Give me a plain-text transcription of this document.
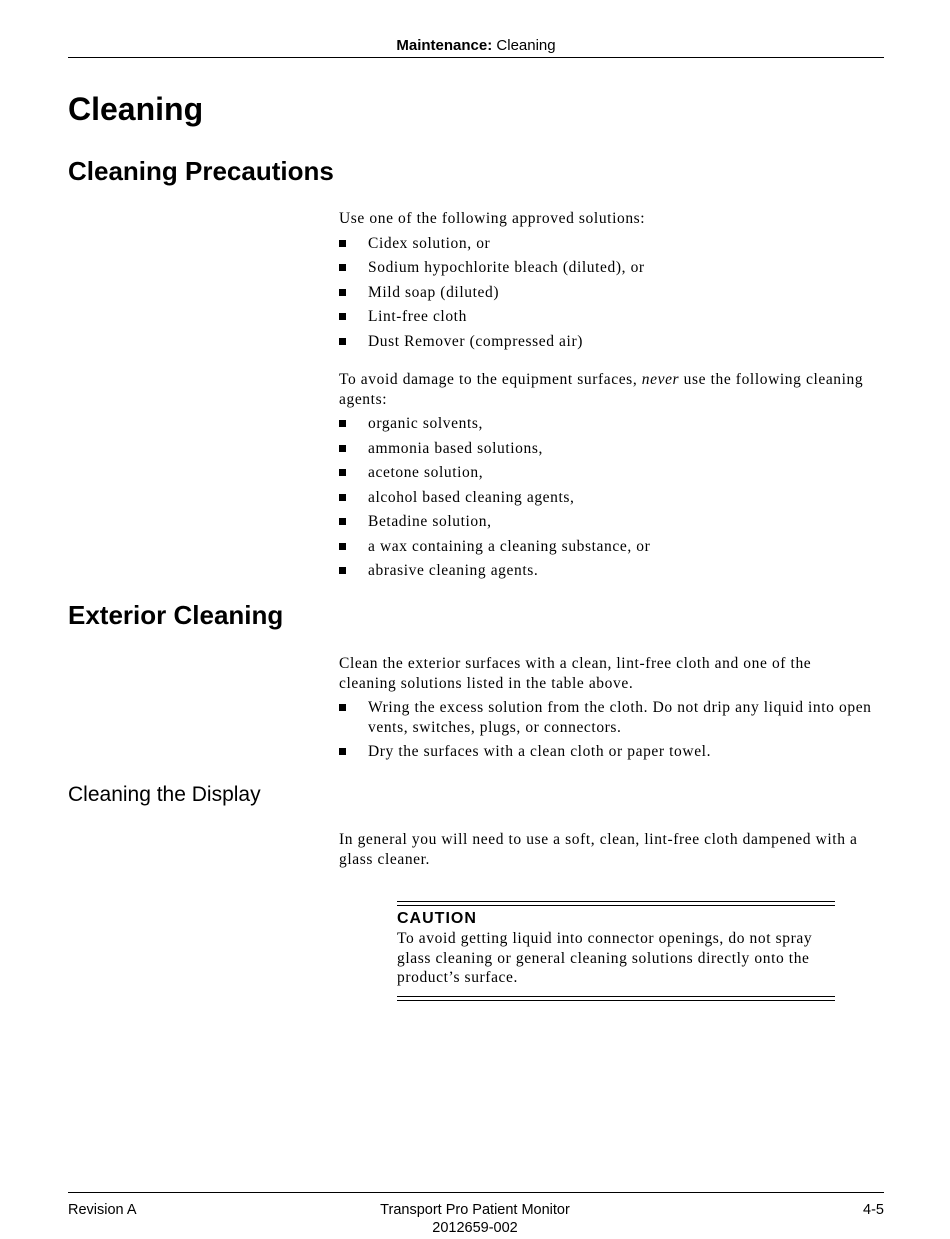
Maintenance: Cleaning
Cleaning
Cleaning Precautions

Use one of the following approved solutions:

Cidex solution, or
Sodium hypochlorite bleach (diluted), or
Mild soap (diluted)
Lint-free cloth
Dust Remover (compressed air)

To avoid damage to the equipment surfaces, never use the following cleaning agents:

organic solvents,
ammonia based solutions,
acetone solution,
alcohol based cleaning agents,
Betadine solution,
a wax containing a cleaning substance, or
abrasive cleaning agents.
Exterior Cleaning

Clean the exterior surfaces with a clean, lint-free cloth and one of the cleaning solutions listed in the table above.

Wring the excess solution from the cloth. Do not drip any liquid into open vents, switches, plugs, or connectors.
Dry the surfaces with a clean cloth or paper towel.
Cleaning the Display

In general you will need to use a soft, clean, lint-free cloth dampened with a glass cleaner.

CAUTION

To avoid getting liquid into connector openings, do not spray glass cleaning or general cleaning solutions directly onto the product’s surface.

Revision A	Transport Pro Patient Monitor
2012659-002
4-5
